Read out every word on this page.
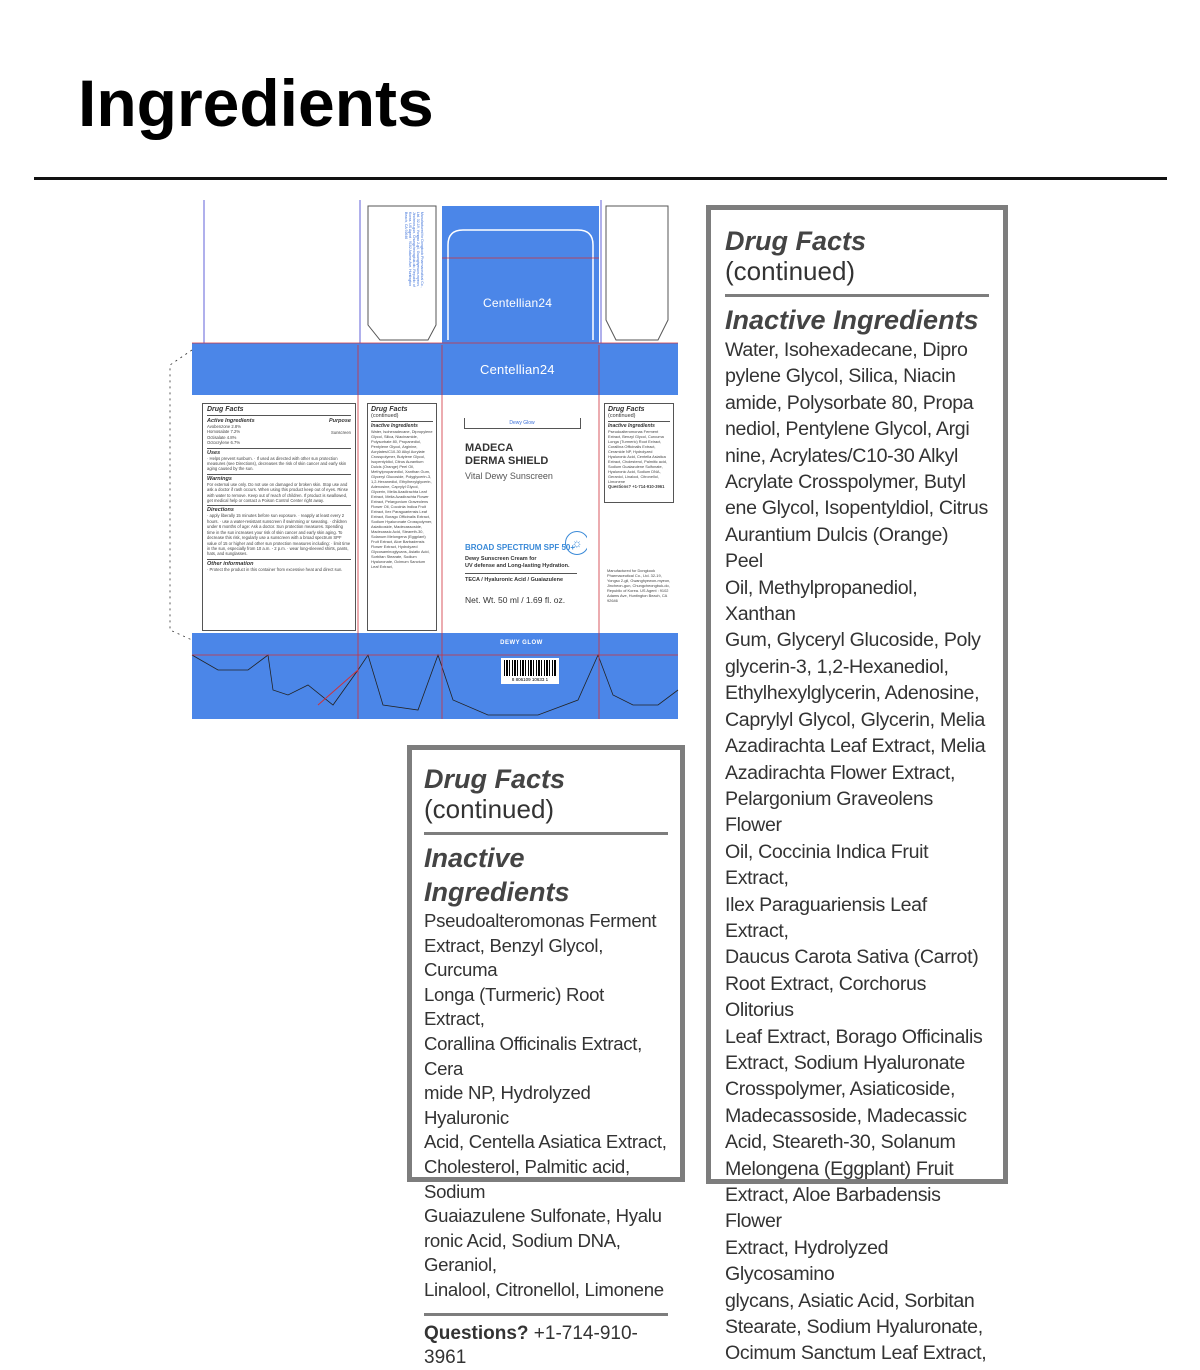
Ingredients
Centellian24
Centellian24
Manufactured for Dongkook Pharmaceutical Co., Ltd. 32-19, Yongso 2-gil, Gwanghyewon-myeon, Jincheon-gun, Chungcheongbuk-do, Republic of Korea. US Agent : 9102 Adams Ave, Huntington Beach, CA 92646
Drug Facts
Active Ingredients	Purpose
Avobenzone 2.8%
Homosalate 7.2%
Octisalate 4.8%
Octocrylene 6.7%
Sunscreen
Uses
· Helps prevent sunburn. · If used as directed with other sun protection measures (see Directions), decreases the risk of skin cancer and early skin aging caused by the sun.
Warnings
For external use only. Do not use on damaged or broken skin. Stop use and ask a doctor if rash occurs. When using this product keep out of eyes. Rinse with water to remove. Keep out of reach of children. If product is swallowed, get medical help or contact a Poison Control Center right away.
Directions
· apply liberally 15 minutes before sun exposure. · reapply at least every 2 hours. · use a water-resistant sunscreen if swimming or sweating. · children under 6 months of age: Ask a doctor. Sun protection measures. Spending time in the sun increases your risk of skin cancer and early skin aging. To decrease this risk, regularly use a sunscreen with a broad spectrum SPF value of 15 or higher and other sun protection measures including: · limit time in the sun, especially from 10 a.m. - 2 p.m. · wear long-sleeved shirts, pants, hats, and sunglasses.
Other information
· Protect the product in this container from excessive heat and direct sun.
Drug Facts
(continued)
Inactive Ingredients
Water, Isohexadecane, Dipropylene Glycol, Silica, Niacinamide, Polysorbate 80, Propanediol, Pentylene Glycol, Arginine, Acrylates/C10-30 Alkyl Acrylate Crosspolymer, Butylene Glycol, Isopentyldiol, Citrus Aurantium Dulcis (Orange) Peel Oil, Methylpropanediol, Xanthan Gum, Glyceryl Glucoside, Polyglycerin-3, 1,2-Hexanediol, Ethylhexylglycerin, Adenosine, Caprylyl Glycol, Glycerin, Melia Azadirachta Leaf Extract, Melia Azadirachta Flower Extract, Pelargonium Graveolens Flower Oil, Coccinia Indica Fruit Extract, Ilex Paraguariensis Leaf Extract, Borago Officinalis Extract, Sodium Hyaluronate Crosspolymer, Asiaticoside, Madecassoside, Madecassic Acid, Steareth-30, Solanum Melongena (Eggplant) Fruit Extract, Aloe Barbadensis Flower Extract, Hydrolyzed Glycosaminoglycans, Asiatic Acid, Sorbitan Stearate, Sodium Hyaluronate, Ocimum Sanctum Leaf Extract,
Dewy Glow
MADECA
DERMA SHIELD
Vital Dewy Sunscreen
☼
BROAD SPECTRUM SPF 50+
Dewy Sunscreen Cream for
UV defense and Long-lasting Hydration.
TECA / Hyaluronic Acid / Guaiazulene
Net. Wt. 50 ml / 1.69 fl. oz.
Drug Facts
(continued)
Inactive Ingredients
Pseudoalteromonas Ferment Extract, Benzyl Glycol, Curcuma Longa (Turmeric) Root Extract, Corallina Officinalis Extract, Ceramide NP, Hydrolyzed Hyaluronic Acid, Centella Asiatica Extract, Cholesterol, Palmitic acid, Sodium Guaiazulene Sulfonate, Hyaluronic Acid, Sodium DNA, Geraniol, Linalool, Citronellol, Limonene
Questions? +1-714-910-3961
Manufactured for Dongkook Pharmaceutical Co., Ltd. 32-19, Yongso 2-gil, Gwanghyewon-myeon, Jincheon-gun, Chungcheongbuk-do, Republic of Korea. US Agent : 9102 Adams Ave, Huntington Beach, CA 92646
DEWY GLOW
8 806109 10633 1
Drug Facts
(continued)
Inactive Ingredients
Pseudoalteromonas Ferment
Extract, Benzyl Glycol, Curcuma
Longa (Turmeric) Root Extract,
Corallina Officinalis Extract, Cera
mide NP, Hydrolyzed Hyaluronic
Acid, Centella Asiatica Extract,
Cholesterol, Palmitic acid, Sodium
Guaiazulene Sulfonate, Hyalu
ronic Acid, Sodium DNA, Geraniol,
Linalool, Citronellol, Limonene
Questions? +1-714-910-3961
Drug Facts
(continued)
Inactive Ingredients
Water, Isohexadecane, Dipro
pylene Glycol, Silica, Niacin
amide, Polysorbate 80, Propa
nediol, Pentylene Glycol, Argi
nine, Acrylates/C10-30 Alkyl
Acrylate Crosspolymer, Butyl
ene Glycol, Isopentyldiol, Citrus
Aurantium Dulcis (Orange) Peel
Oil, Methylpropanediol, Xanthan
Gum, Glyceryl Glucoside, Poly
glycerin-3, 1,2-Hexanediol,
Ethylhexylglycerin, Adenosine,
Caprylyl Glycol, Glycerin, Melia
Azadirachta Leaf Extract, Melia
Azadirachta Flower Extract,
Pelargonium Graveolens Flower
Oil, Coccinia Indica Fruit Extract,
Ilex Paraguariensis Leaf Extract,
Daucus Carota Sativa (Carrot)
Root Extract, Corchorus Olitorius
Leaf Extract, Borago Officinalis
Extract, Sodium Hyaluronate
Crosspolymer, Asiaticoside,
Madecassoside, Madecassic
Acid, Steareth-30, Solanum
Melongena (Eggplant) Fruit
Extract, Aloe Barbadensis Flower
Extract, Hydrolyzed Glycosamino
glycans, Asiatic Acid, Sorbitan
Stearate, Sodium Hyaluronate,
Ocimum Sanctum Leaf Extract,
